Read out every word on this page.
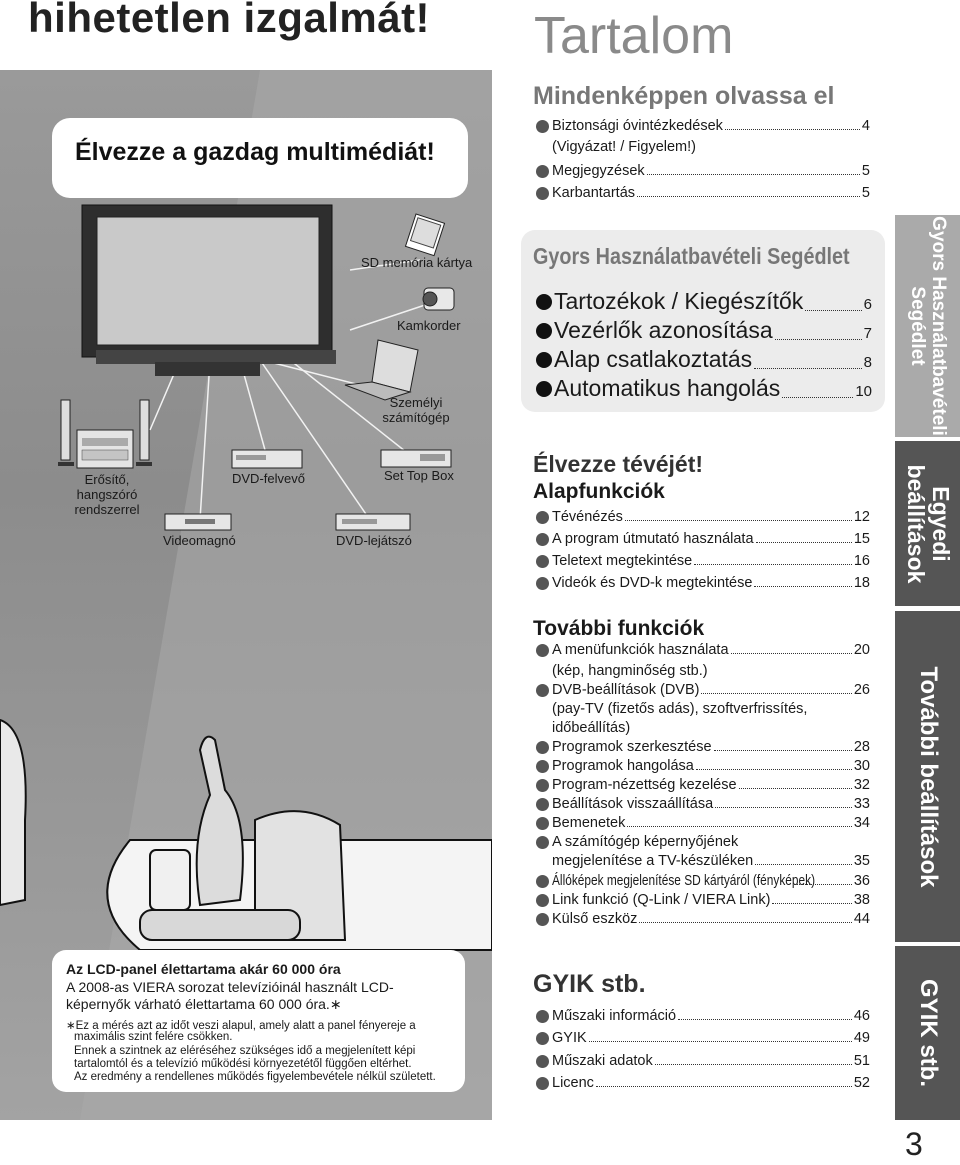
hihetetlen izgalmát!
Élvezze a gazdag multimédiát!
SD memória kártya
Kamkorder
Személyi
számítógép
Erősítő,
hangszóró
rendszerrel
DVD-felvevő	Set Top Box
Videomagnó	DVD-lejátszó
Az LCD-panel élettartama akár 60 000 óra
A 2008-as VIERA sorozat televízióinál használt LCD-
képernyők várható élettartama 60 000 óra.∗
∗Ez a mérés azt az időt veszi alapul, amely alatt a panel fényereje a
maximális szint felére csökken.
Ennek a szintnek az eléréséhez szükséges idő a megjelenített képi
tartalomtól és a televízió működési környezetétől függően eltérhet.
Az eredmény a rendellenes működés figyelembevétele nélkül született.
Tartalom
Mindenképpen olvassa el
Biztonsági óvintézkedések	4
(Vigyázat! / Figyelem!)
Megjegyzések	5
Karbantartás	5
Gyors Használatbavételi Segédlet
Tartozékok / Kiegészítők	6
Vezérlők azonosítása	7
Alap csatlakoztatás	8
Automatikus hangolás	10
Élvezze tévéjét!
Alapfunkciók
Tévénézés	12
A program útmutató használata	15
Teletext megtekintése	16
Videók és DVD-k megtekintése	18
További funkciók
A menüfunkciók használata	20
(kép, hangminőség stb.)
DVB-beállítások (DVB)	26
(pay-TV (fizetős adás), szoftverfrissítés,
időbeállítás)
Programok szerkesztése	28
Programok hangolása	30
Program-nézettség kezelése	32
Beállítások visszaállítása	33
Bemenetek	34
A számítógép képernyőjének
megjelenítése a TV-készüléken	35
Állóképek megjelenítése SD kártyáról (fényképek)	36
Link funkció (Q-Link / VIERA Link)	38
Külső eszköz	44
GYIK stb.
Műszaki információ	46
GYIK	49
Műszaki adatok	51
Licenc	52
Gyors Használatbavételi
Segédlet
Egyedi
beállítások
További beállítások
GYIK stb.
3
